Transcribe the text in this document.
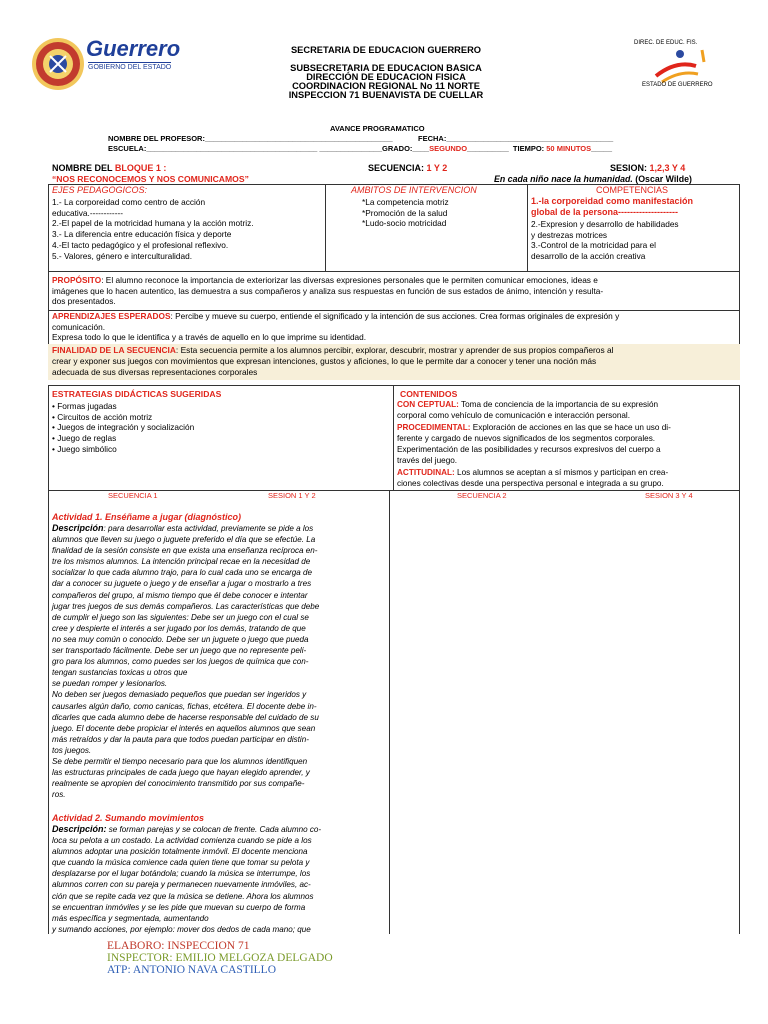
Guerrero
GOBIERNO DEL ESTADO
DIREC. DE EDUC. FIS.
ESTADO DE GUERRERO
SECRETARIA DE EDUCACION GUERRERO
SUBSECRETARIA DE EDUCACION BASICA
DIRECCIÓN DE EDUCACION FISICA
COORDINACION REGIONAL No 11 NORTE
INSPECCION 71 BUENAVISTA DE CUELLAR
AVANCE PROGRAMATICO
NOMBRE DEL PROFESOR:_____________________________________________	FECHA:________________________________________
ESCUELA:_________________________________________ _______________GRADO:____SEGUNDO__________ TIEMPO: 50 MINUTOS_____
NOMBRE DEL BLOQUE 1 :	SECUENCIA: 1 Y 2	SESION: 1,2,3 Y 4
“NOS RECONOCEMOS Y NOS COMUNICAMOS”	En cada niño nace la humanidad. (Oscar Wilde)
EJES PEDAGOGICOS:
1.- La corporeidad como centro de acción
educativa.------------
2.-El papel de la motricidad humana y la acción motriz.
3.- La diferencia entre educación física y deporte
4.-El tacto pedagógico y el profesional reflexivo.
5.- Valores, género e interculturalidad.
AMBITOS DE INTERVENCION
*La competencia motriz
*Promoción de la salud
*Ludo-socio motricidad
COMPETENCIAS
1.-la corporeidad como manifestación
global de la persona--------------------
2.-Expresion y desarrollo de habilidades
y destrezas motrices
3.-Control de la motricidad para el
desarrollo de la acción creativa
PROPÓSITO: El alumno reconoce la importancia de exteriorizar las diversas expresiones personales que le permiten comunicar emociones, ideas e
imágenes que lo hacen autentico, las demuestra a sus compañeros y analiza sus respuestas en función de sus estados de ánimo, intención y resulta-
dos presentados.
APRENDIZAJES ESPERADOS: Percibe y mueve su cuerpo, entiende el significado y la intención de sus acciones. Crea formas originales de expresión y
comunicación.
Expresa todo lo que le identifica y a través de aquello en lo que imprime su identidad.
FINALIDAD DE LA SECUENCIA: Esta secuencia permite a los alumnos percibir, explorar, descubrir, mostrar y aprender de sus propios compañeros al
crear y exponer sus juegos con movimientos que expresan intenciones, gustos y aficiones, lo que le permite dar a conocer y tener una noción más
adecuada de sus diversas representaciones corporales
ESTRATEGIAS DIDÁCTICAS SUGERIDAS
• Formas jugadas
• Circuitos de acción motriz
• Juegos de integración y socialización
• Juego de reglas
• Juego simbólico
CONTENIDOS
CON CEPTUAL: Toma de conciencia de la importancia de su expresión
corporal como vehículo de comunicación e interacción personal.
PROCEDIMENTAL: Exploración de acciones en las que se hace un uso di-
ferente y cargado de nuevos significados de los segmentos corporales.
Experimentación de las posibilidades y recursos expresivos del cuerpo a
través del juego.
ACTITUDINAL: Los alumnos se aceptan a sí mismos y participan en crea-
ciones colectivas desde una perspectiva personal e integrada a su grupo.
SECUENCIA 1	SESION 1 Y 2	SECUENCIA 2	SESION 3 Y 4
Actividad 1. Enséñame a jugar (diagnóstico)
Descripción: para desarrollar esta actividad, previamente se pide a los
alumnos que lleven su juego o juguete preferido el día que se efectúe. La
finalidad de la sesión consiste en que exista una enseñanza recíproca en-
tre los mismos alumnos. La intención principal recae en la necesidad de
socializar lo que cada alumno trajo, para lo cual cada uno se encarga de
dar a conocer su juguete o juego y de enseñar a jugar o mostrarlo a tres
compañeros del grupo, al mismo tiempo que él debe conocer e intentar
jugar tres juegos de sus demás compañeros. Las características que debe
de cumplir el juego son las siguientes: Debe ser un juego con el cual se
cree y despierte el interés a ser jugado por los demás, tratando de que
no sea muy común o conocido. Debe ser un juguete o juego que pueda
ser transportado fácilmente. Debe ser un juego que no represente peli-
gro para los alumnos, como puedes ser los juegos de química que con-
tengan sustancias toxicas u otros que
se puedan romper y lesionarlos.
No deben ser juegos demasiado pequeños que puedan ser ingeridos y
causarles algún daño, como canicas, fichas, etcétera. El docente debe in-
dicarles que cada alumno debe de hacerse responsable del cuidado de su
juego. El docente debe propiciar el interés en aquellos alumnos que sean
más retraídos y dar la pauta para que todos puedan participar en distin-
tos juegos.
Se debe permitir el tiempo necesario para que los alumnos identifiquen
las estructuras principales de cada juego que hayan elegido aprender, y
realmente se apropien del conocimiento transmitido por sus compañe-
ros.
Actividad 2. Sumando movimientos
Descripción: se forman parejas y se colocan de frente. Cada alumno co-
loca su pelota a un costado. La actividad comienza cuando se pide a los
alumnos adoptar una posición totalmente inmóvil. El docente menciona
que cuando la música comience cada quien tiene que tomar su pelota y
desplazarse por el lugar botándola; cuando la música se interrumpe, los
alumnos corren con su pareja y permanecen nuevamente inmóviles, ac-
ción que se repite cada vez que la música se detiene. Ahora los alumnos
se encuentran inmóviles y se les pide que muevan su cuerpo de forma
más específica y segmentada, aumentando
y sumando acciones, por ejemplo: mover dos dedos de cada mano; que
ELABORO: INSPECCION 71
INSPECTOR: EMILIO MELGOZA DELGADO
ATP: ANTONIO NAVA CASTILLO
